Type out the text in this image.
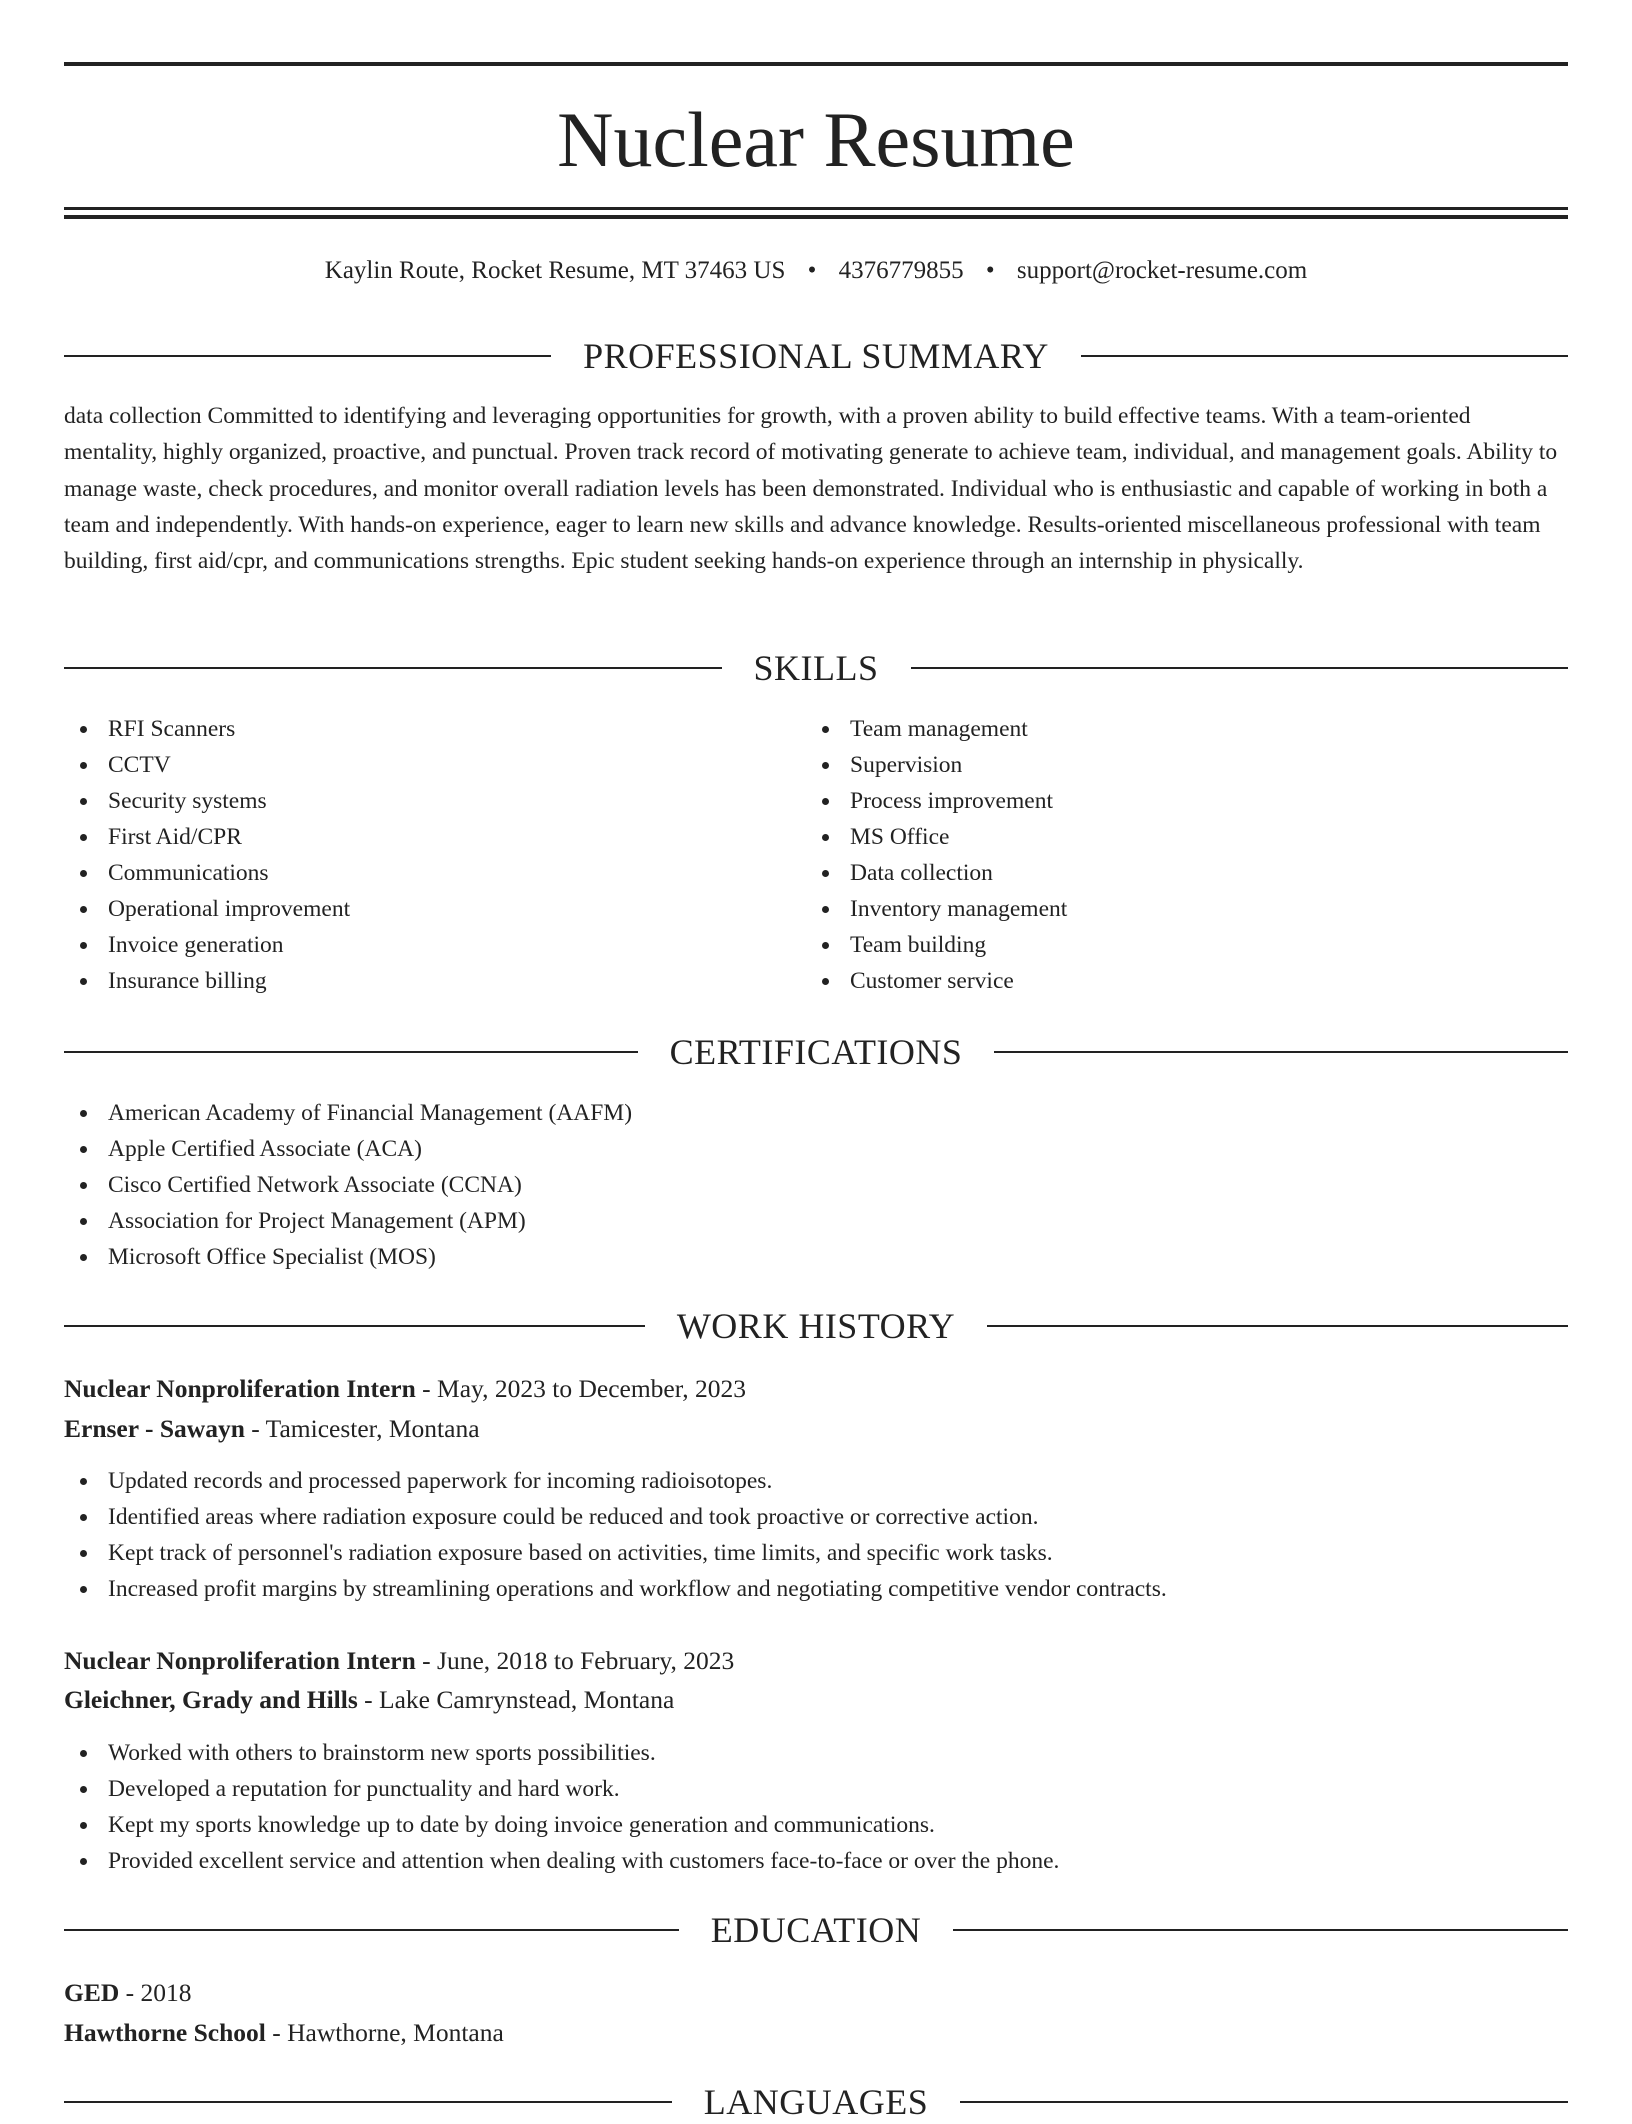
Nuclear Resume
Kaylin Route, Rocket Resume, MT 37463 US • 4376779855 • support@rocket-resume.com
PROFESSIONAL SUMMARY

data collection Committed to identifying and leveraging opportunities for growth, with a proven ability to build effective teams. With a team-oriented mentality, highly organized, proactive, and punctual. Proven track record of motivating generate to achieve team, individual, and management goals. Ability to manage waste, check procedures, and monitor overall radiation levels has been demonstrated. Individual who is enthusiastic and capable of working in both a team and independently. With hands-on experience, eager to learn new skills and advance knowledge. Results-oriented miscellaneous professional with team building, first aid/cpr, and communications strengths. Epic student seeking hands-on experience through an internship in physically.

SKILLS
RFI Scanners
CCTV
Security systems
First Aid/CPR
Communications
Operational improvement
Invoice generation
Insurance billing
Team management
Supervision
Process improvement
MS Office
Data collection
Inventory management
Team building
Customer service
CERTIFICATIONS
American Academy of Financial Management (AAFM)
Apple Certified Associate (ACA)
Cisco Certified Network Associate (CCNA)
Association for Project Management (APM)
Microsoft Office Specialist (MOS)
WORK HISTORY
Nuclear Nonproliferation Intern - May, 2023 to December, 2023
Ernser - Sawayn - Tamicester, Montana
Updated records and processed paperwork for incoming radioisotopes.
Identified areas where radiation exposure could be reduced and took proactive or corrective action.
Kept track of personnel's radiation exposure based on activities, time limits, and specific work tasks.
Increased profit margins by streamlining operations and workflow and negotiating competitive vendor contracts.
Nuclear Nonproliferation Intern - June, 2018 to February, 2023
Gleichner, Grady and Hills - Lake Camrynstead, Montana
Worked with others to brainstorm new sports possibilities.
Developed a reputation for punctuality and hard work.
Kept my sports knowledge up to date by doing invoice generation and communications.
Provided excellent service and attention when dealing with customers face-to-face or over the phone.
EDUCATION
GED - 2018
Hawthorne School - Hawthorne, Montana
LANGUAGES
